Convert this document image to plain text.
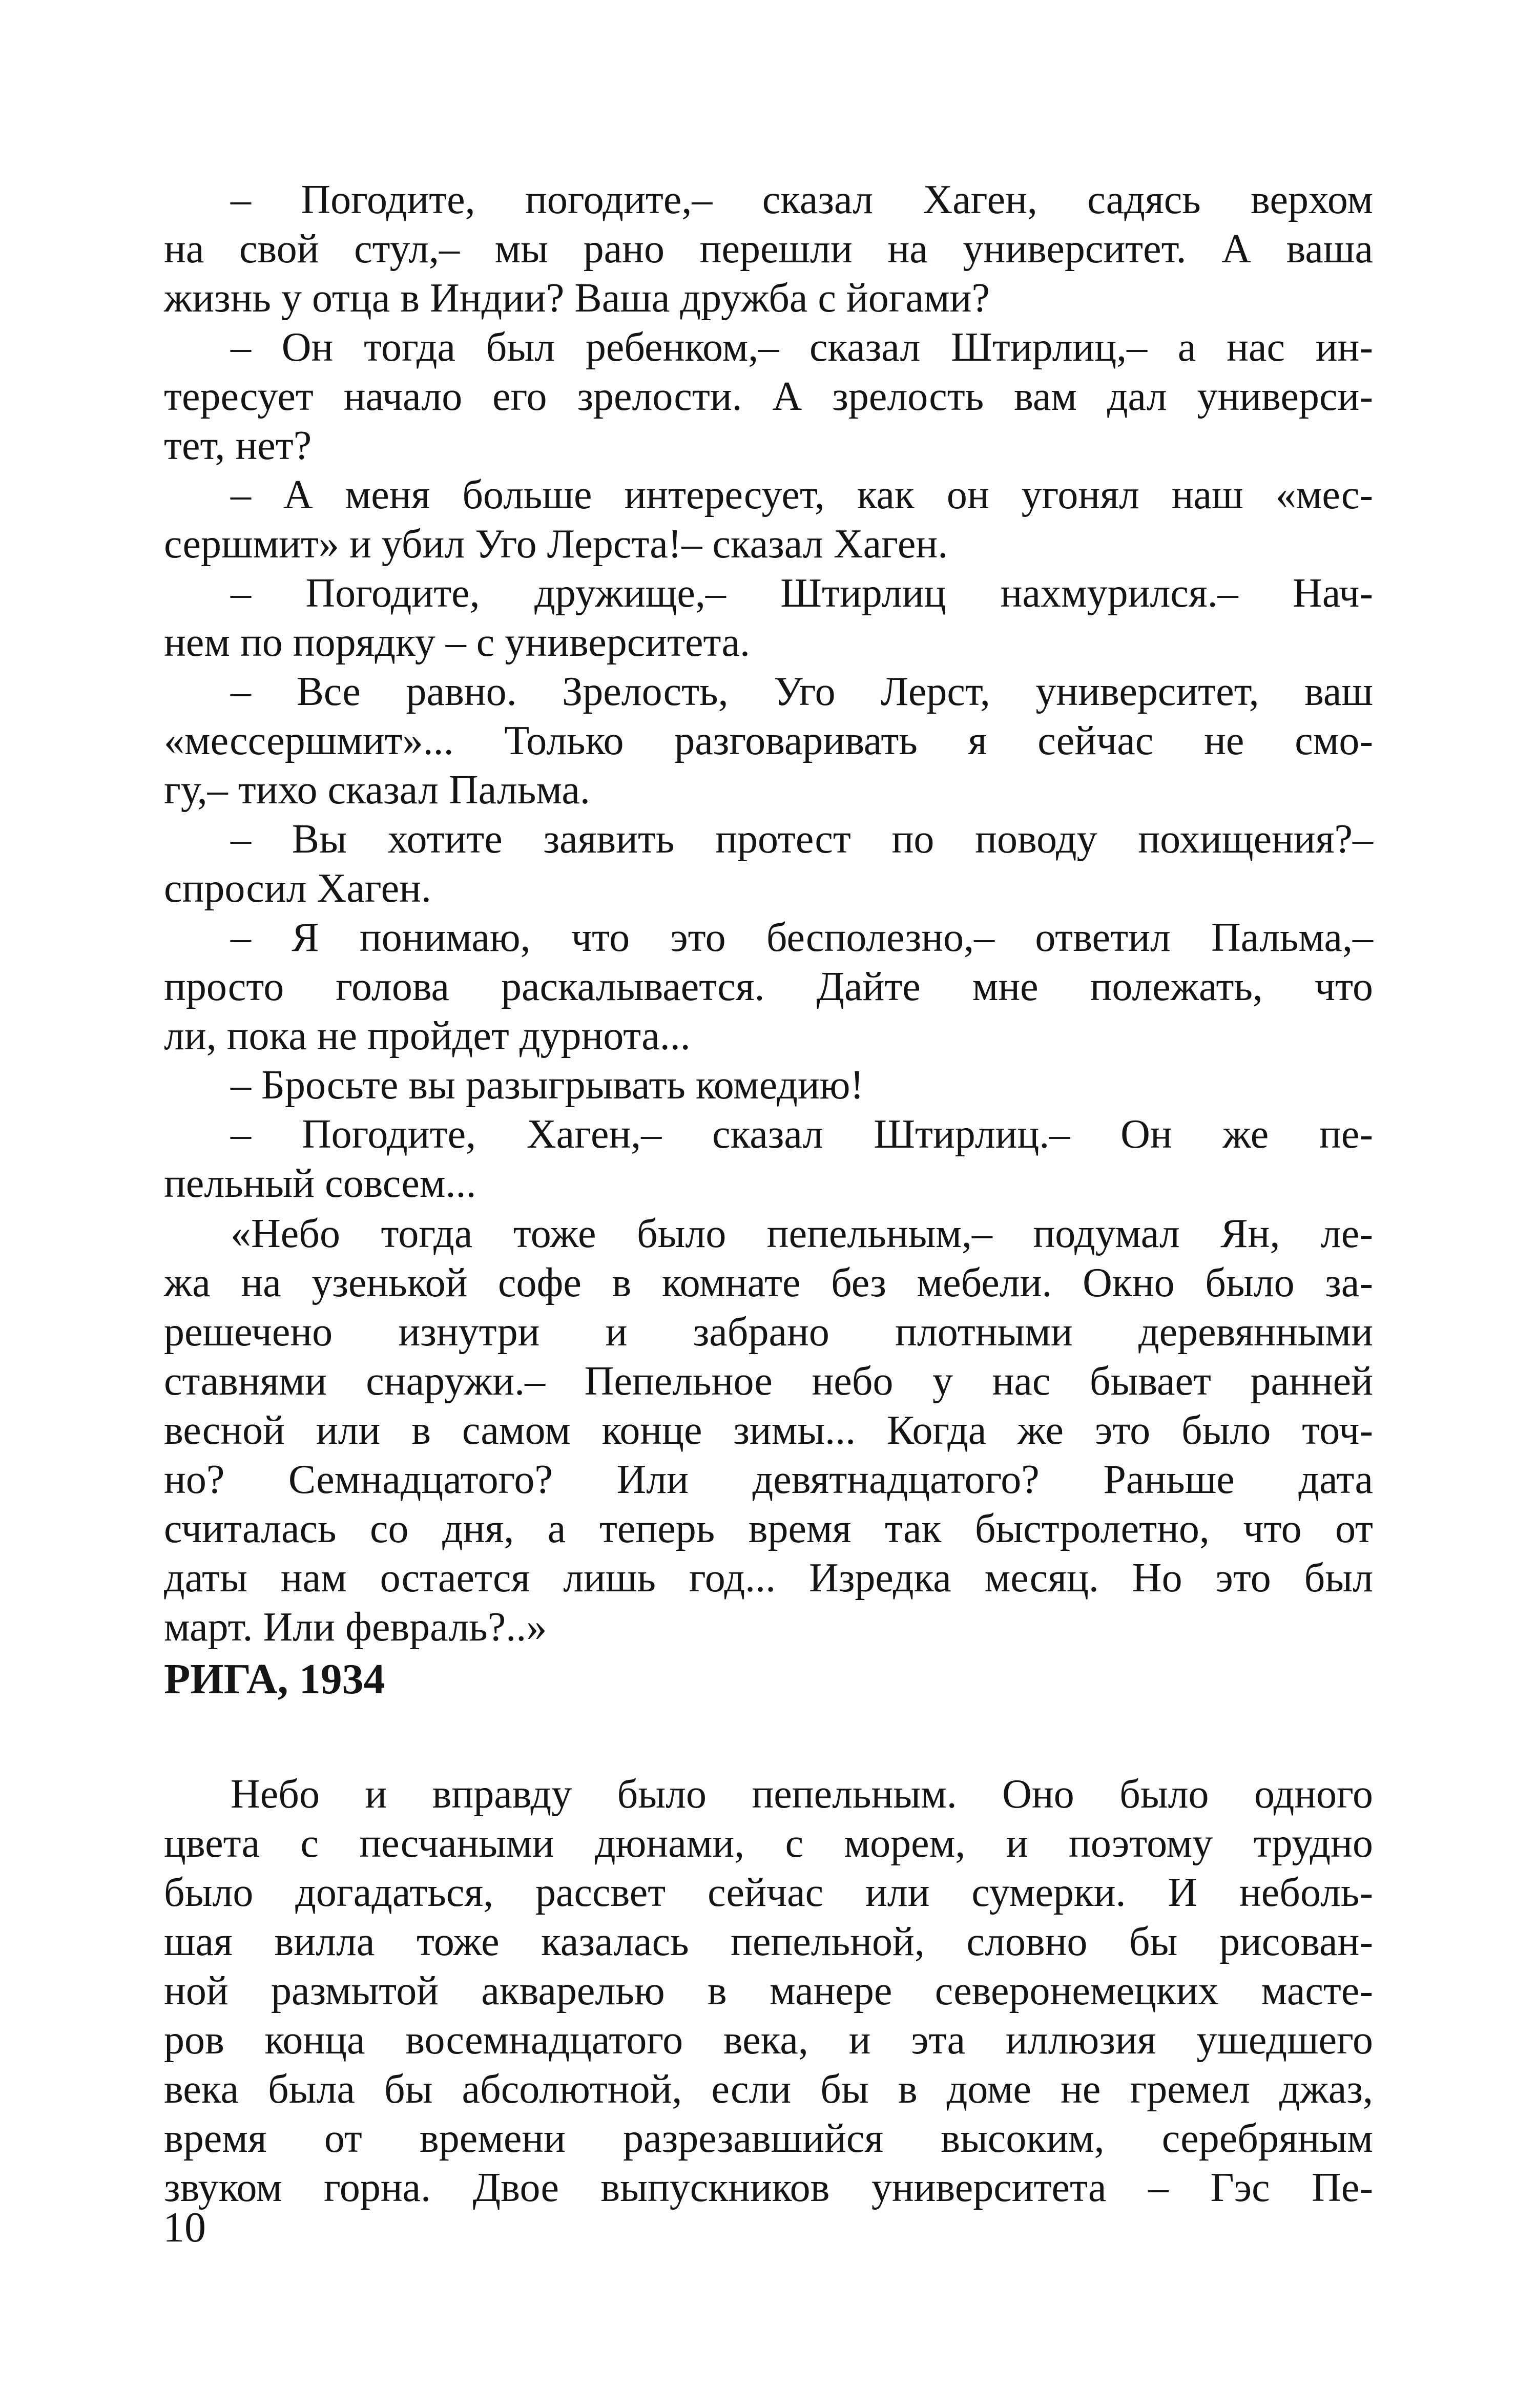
– Погодите, погодите,– сказал Хаген, садясь верхом
на свой стул,– мы рано перешли на университет. А ваша
жизнь у отца в Индии? Ваша дружба с йогами?
– Он тогда был ребенком,– сказал Штирлиц,– а нас ин-
тересует начало его зрелости. А зрелость вам дал универси-
тет, нет?
– А меня больше интересует, как он угонял наш «мес-
сершмит» и убил Уго Лерста!– сказал Хаген.
– Погодите, дружище,– Штирлиц нахмурился.– Нач-
нем по порядку – с университета.
– Все равно. Зрелость, Уго Лерст, университет, ваш
«мессершмит»... Только разговаривать я сейчас не смо-
гу,– тихо сказал Пальма.
– Вы хотите заявить протест по поводу похищения?–
спросил Хаген.
– Я понимаю, что это бесполезно,– ответил Пальма,–
просто голова раскалывается. Дайте мне полежать, что
ли, пока не пройдет дурнота...
– Бросьте вы разыгрывать комедию!
– Погодите, Хаген,– сказал Штирлиц.– Он же пе-
пельный совсем...
«Небо тогда тоже было пепельным,– подумал Ян, ле-
жа на узенькой софе в комнате без мебели. Окно было за-
решечено изнутри и забрано плотными деревянными
ставнями снаружи.– Пепельное небо у нас бывает ранней
весной или в самом конце зимы... Когда же это было точ-
но? Семнадцатого? Или девятнадцатого? Раньше дата
считалась со дня, а теперь время так быстролетно, что от
даты нам остается лишь год... Изредка месяц. Но это был
март. Или февраль?..»
РИГА, 1934
Небо и вправду было пепельным. Оно было одного
цвета с песчаными дюнами, с морем, и поэтому трудно
было догадаться, рассвет сейчас или сумерки. И неболь-
шая вилла тоже казалась пепельной, словно бы рисован-
ной размытой акварелью в манере северонемецких масте-
ров конца восемнадцатого века, и эта иллюзия ушедшего
века была бы абсолютной, если бы в доме не гремел джаз,
время от времени разрезавшийся высоким, серебряным
звуком горна. Двое выпускников университета – Гэс Пе-
10
